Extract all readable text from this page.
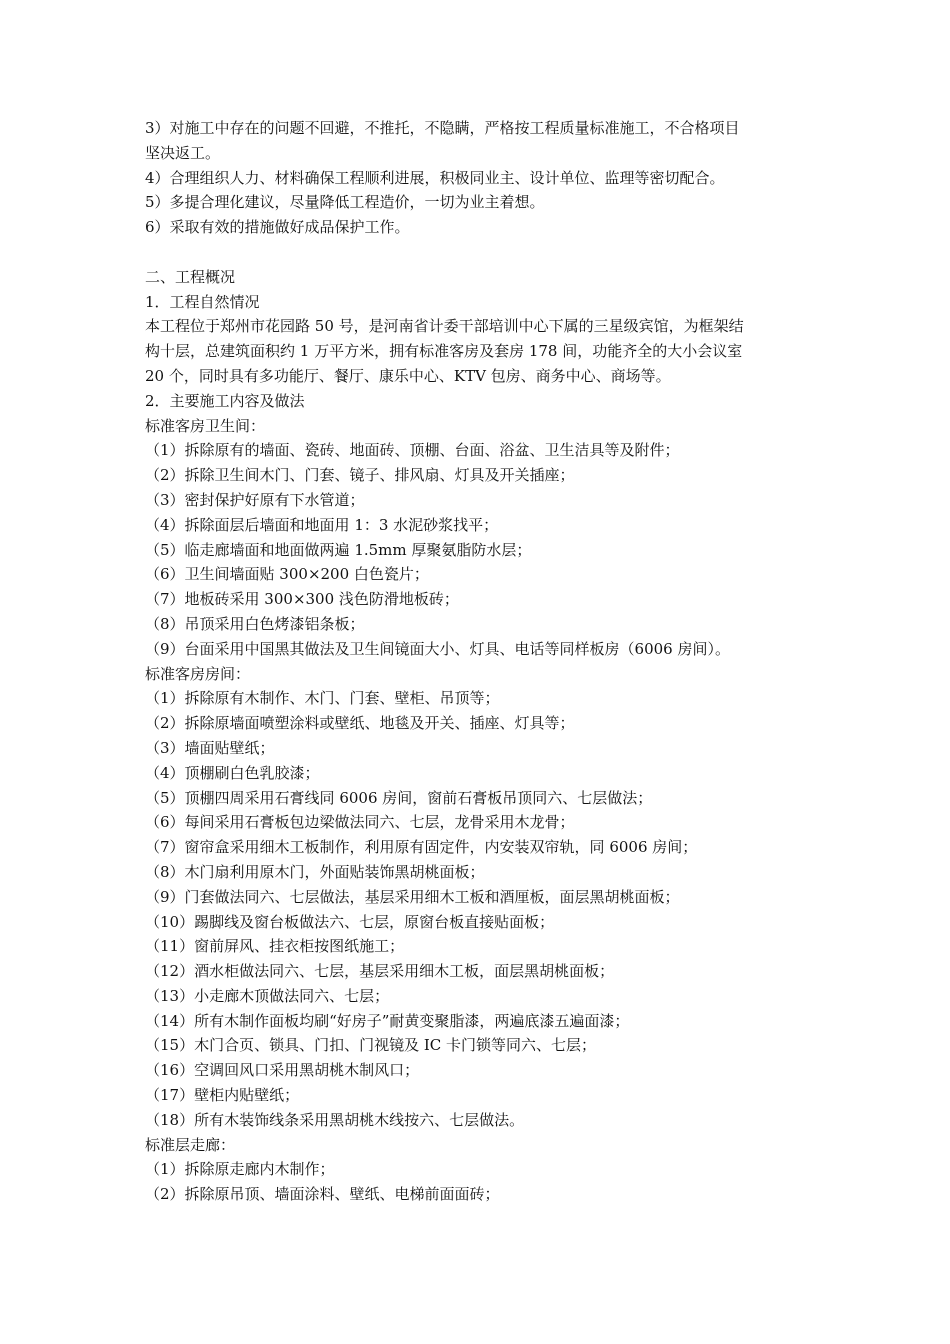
3）对施工中存在的问题不回避，不推托，不隐瞒，严格按工程质量标准施工，不合格项目
坚决返工。
4）合理组织人力、材料确保工程顺利进展，积极同业主、设计单位、监理等密切配合。
5）多提合理化建议，尽量降低工程造价，一切为业主着想。
6）采取有效的措施做好成品保护工作。
二、工程概况
1．工程自然情况
本工程位于郑州市花园路 50 号，是河南省计委干部培训中心下属的三星级宾馆，为框架结
构十层，总建筑面积约 1 万平方米，拥有标准客房及套房 178 间，功能齐全的大小会议室
20 个，同时具有多功能厅、餐厅、康乐中心、KTV 包房、商务中心、商场等。
2．主要施工内容及做法
标准客房卫生间：
（1）拆除原有的墙面、瓷砖、地面砖、顶棚、台面、浴盆、卫生洁具等及附件；
（2）拆除卫生间木门、门套、镜子、排风扇、灯具及开关插座；
（3）密封保护好原有下水管道；
（4）拆除面层后墙面和地面用 1：3 水泥砂浆找平；
（5）临走廊墙面和地面做两遍 1.5mm 厚聚氨脂防水层；
（6）卫生间墙面贴 300×200 白色瓷片；
（7）地板砖采用 300×300 浅色防滑地板砖；
（8）吊顶采用白色烤漆铝条板；
（9）台面采用中国黑其做法及卫生间镜面大小、灯具、电话等同样板房（6006 房间）。
标准客房房间：
（1）拆除原有木制作、木门、门套、壁柜、吊顶等；
（2）拆除原墙面喷塑涂料或壁纸、地毯及开关、插座、灯具等；
（3）墙面贴壁纸；
（4）顶棚刷白色乳胶漆；
（5）顶棚四周采用石膏线同 6006 房间，窗前石膏板吊顶同六、七层做法；
（6）每间采用石膏板包边梁做法同六、七层，龙骨采用木龙骨；
（7）窗帘盒采用细木工板制作，利用原有固定件，内安装双帘轨，同 6006 房间；
（8）木门扇利用原木门，外面贴装饰黑胡桃面板；
（9）门套做法同六、七层做法，基层采用细木工板和酒厘板，面层黑胡桃面板；
（10）踢脚线及窗台板做法六、七层，原窗台板直接贴面板；
（11）窗前屏风、挂衣柜按图纸施工；
（12）酒水柜做法同六、七层，基层采用细木工板，面层黑胡桃面板；
（13）小走廊木顶做法同六、七层；
（14）所有木制作面板均刷“好房子”耐黄变聚脂漆，两遍底漆五遍面漆；
（15）木门合页、锁具、门扣、门视镜及 IC 卡门锁等同六、七层；
（16）空调回风口采用黑胡桃木制风口；
（17）壁柜内贴壁纸；
（18）所有木装饰线条采用黑胡桃木线按六、七层做法。
标准层走廊：
（1）拆除原走廊内木制作；
（2）拆除原吊顶、墙面涂料、壁纸、电梯前面面砖；
